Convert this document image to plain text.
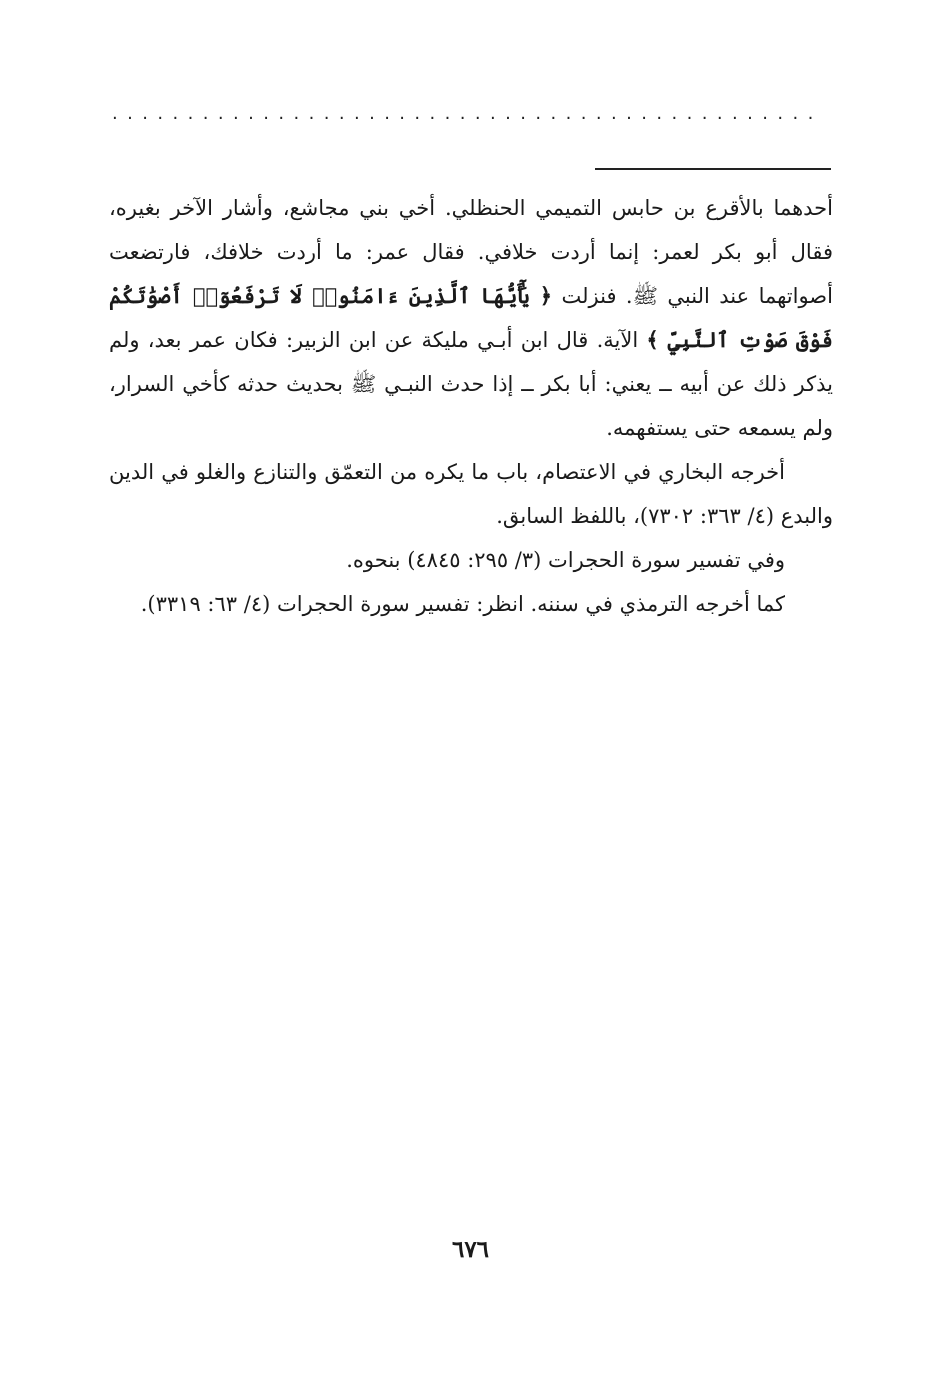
...............................................

أحدهما بالأقرع بن حابس التميمي الحنظلي. أخي بني مجاشع، وأشار الآخر بغيره، فقال أبو بكر لعمر: إنما أردت خلافي. فقال عمر: ما أردت خلافك، فارتضعت أصواتهما عند النبي ﷺ. فنزلت ﴿ يَٰٓأَيُّهَا ٱلَّذِينَ ءَامَنُوا۟ لَا تَرْفَعُوٓا۟ أَصْوَٰتَكُمْ فَوْقَ صَوْتِ ٱلنَّبِيِّ ﴾ الآية. قال ابن أبـي مليكة عن ابن الزبير: فكان عمر بعد، ولم يذكر ذلك عن أبيه ــ يعني: أبا بكر ــ إذا حدث النبـي ﷺ بحديث حدثه كأخي السرار، ولم يسمعه حتى يستفهمه.

أخرجه البخاري في الاعتصام، باب ما يكره من التعمّق والتنازع والغلو في الدين والبدع (٤/ ٣٦٣: ٧٣٠٢)، باللفظ السابق.

وفي تفسير سورة الحجرات (٣/ ٢٩٥: ٤٨٤٥) بنحوه.

كما أخرجه الترمذي في سننه. انظر: تفسير سورة الحجرات (٤/ ٦٣: ٣٣١٩).

٦٧٦
